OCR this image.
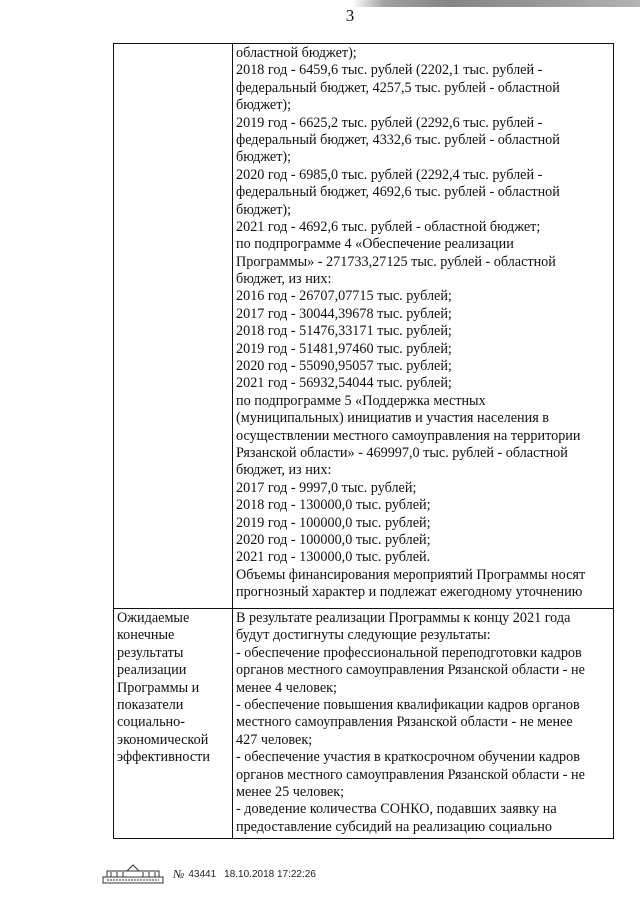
3
областной бюджет);
2018 год - 6459,6 тыс. рублей (2202,1 тыс. рублей -
федеральный бюджет, 4257,5 тыс. рублей - областной
бюджет);
2019 год - 6625,2 тыс. рублей (2292,6 тыс. рублей -
федеральный бюджет, 4332,6 тыс. рублей - областной
бюджет);
2020 год - 6985,0 тыс. рублей (2292,4 тыс. рублей -
федеральный бюджет, 4692,6 тыс. рублей - областной
бюджет);
2021 год - 4692,6 тыс. рублей - областной бюджет;
по подпрограмме 4 «Обеспечение реализации
Программы» - 271733,27125 тыс. рублей - областной
бюджет, из них:
2016 год - 26707,07715 тыс. рублей;
2017 год - 30044,39678 тыс. рублей;
2018 год - 51476,33171 тыс. рублей;
2019 год - 51481,97460 тыс. рублей;
2020 год - 55090,95057 тыс. рублей;
2021 год - 56932,54044 тыс. рублей;
по подпрограмме 5 «Поддержка местных
(муниципальных) инициатив и участия населения в
осуществлении местного самоуправления на территории
Рязанской области» - 469997,0 тыс. рублей - областной
бюджет, из них:
2017 год - 9997,0 тыс. рублей;
2018 год - 130000,0 тыс. рублей;
2019 год - 100000,0 тыс. рублей;
2020 год - 100000,0 тыс. рублей;
2021 год - 130000,0 тыс. рублей.
Объемы финансирования мероприятий Программы носят
прогнозный характер и подлежат ежегодному уточнению
Ожидаемые
конечные
результаты
реализации
Программы и
показатели
социально-
экономической
эффективности
В результате реализации Программы к концу 2021 года
будут достигнуты следующие результаты:
- обеспечение профессиональной переподготовки кадров
органов местного самоуправления Рязанской области - не
менее 4 человек;
- обеспечение повышения квалификации кадров органов
местного самоуправления Рязанской области - не менее
427 человек;
- обеспечение участия в краткосрочном обучении кадров
органов местного самоуправления Рязанской области - не
менее 25 человек;
- доведение количества СОНКО, подавших заявку на
предоставление субсидий на реализацию социально
№ 43441 18.10.2018 17:22:26
